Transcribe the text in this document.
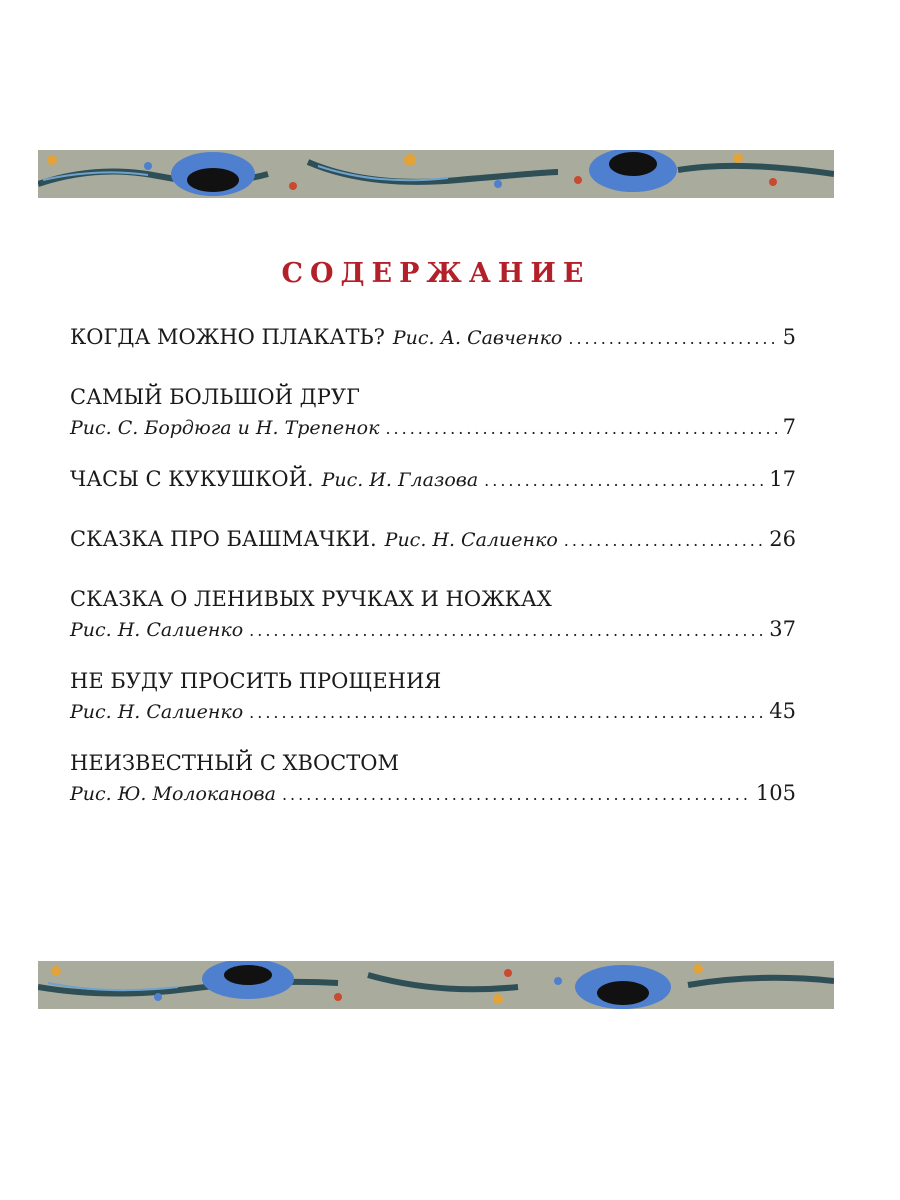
СОДЕРЖАНИЕ
КОГДА МОЖНО ПЛАКАТЬ? Рис. А. Савченко .....	5
САМЫЙ БОЛЬШОЙ ДРУГ
Рис. С. Бордюга и Н. Трепенок .....	7
ЧАСЫ С КУКУШКОЙ. Рис. И. Глазова .....	17
СКАЗКА ПРО БАШМАЧКИ. Рис. Н. Салиенко .....	26
СКАЗКА О ЛЕНИВЫХ РУЧКАХ И НОЖКАХ
Рис. Н. Салиенко .....	37
НЕ БУДУ ПРОСИТЬ ПРОЩЕНИЯ
Рис. Н. Салиенко .....	45
НЕИЗВЕСТНЫЙ С ХВОСТОМ
Рис. Ю. Молоканова .....	105
